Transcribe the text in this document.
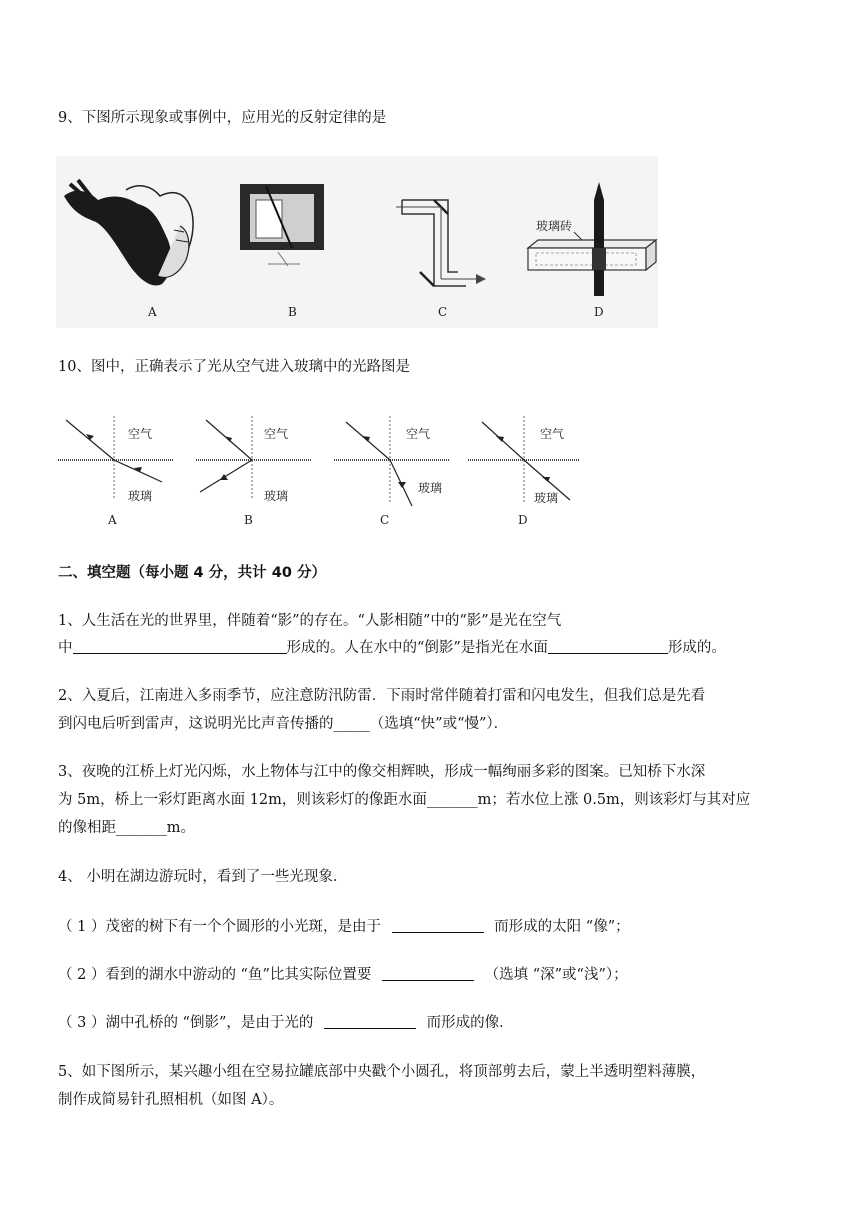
9、下图所示现象或事例中，应用光的反射定律的是
A	B	C
玻璃砖
D
10、图中，正确表示了光从空气进入玻璃中的光路图是
空气
玻璃
A
空气
玻璃
B
空气
玻璃
C
空气
玻璃
D
二、填空题（每小题 4 分，共计 40 分）
1、人生活在光的世界里，伴随着“影”的存在。“人影相随”中的“影”是光在空气
中	形成的。人在水中的“倒影”是指光在水面	形成的。
2、入夏后，江南进入多雨季节，应注意防汛防雷．下雨时常伴随着打雷和闪电发生，但我们总是先看
到闪电后听到雷声，这说明光比声音传播的_____（选填“快”或“慢”）．
3、夜晚的江桥上灯光闪烁，水上物体与江中的像交相辉映，形成一幅绚丽多彩的图案。已知桥下水深
为 5m，桥上一彩灯距离水面 12m，则该彩灯的像距水面_______m；若水位上涨 0.5m，则该彩灯与其对应
的像相距_______m。
4、 小明在湖边游玩时，看到了一些光现象．
（ 1 ）茂密的树下有一个个圆形的小光斑，是由于	而形成的太阳 “像”；
（ 2 ）看到的湖水中游动的 “鱼”比其实际位置要	（选填 “深”或“浅”）；
（ 3 ）湖中孔桥的 “倒影”，是由于光的	而形成的像．
5、如下图所示，某兴趣小组在空易拉罐底部中央戳个小圆孔，将顶部剪去后，蒙上半透明塑料薄膜，
制作成简易针孔照相机（如图 A）。
